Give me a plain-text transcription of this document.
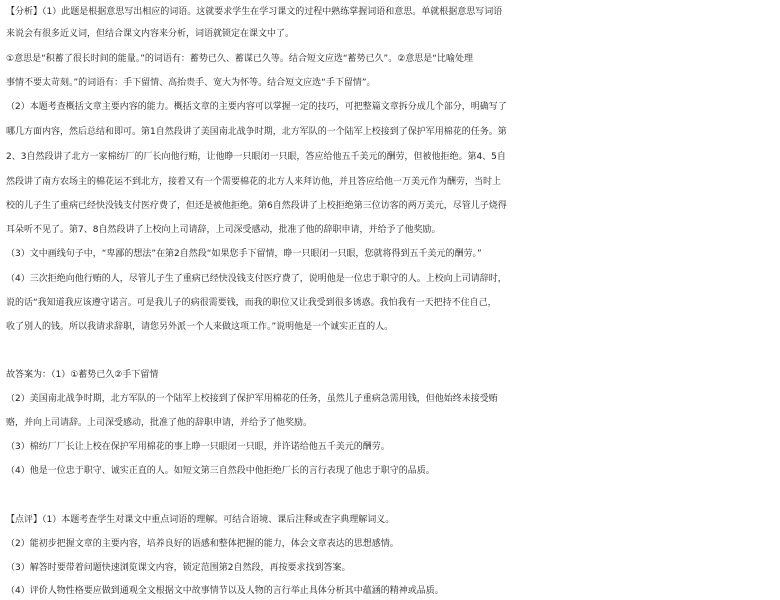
【分析】（1）此题是根据意思写出相应的词语。这就要求学生在学习课文的过程中熟练掌握词语和意思。单就根据意思写词语
来说会有很多近义词，但结合课文内容来分析，词语就锁定在课文中了。
①意思是“积蓄了很长时间的能量。”的词语有：蓄势已久、蓄谋已久等。结合短文应选“蓄势已久”。②意思是“比喻处理
事情不要太苛刻。”的词语有：手下留情、高抬贵手、宽大为怀等。结合短文应选“手下留情”。
（2）本题考查概括文章主要内容的能力。概括文章的主要内容可以掌握一定的技巧，可把整篇文章拆分成几个部分，明确写了
哪几方面内容，然后总结和即可。第1自然段讲了美国南北战争时期，北方军队的一个陆军上校接到了保护军用棉花的任务。第
2、3自然段讲了北方一家棉纺厂的厂长向他行贿，让他睁一只眼闭一只眼，答应给他五千美元的酬劳，但被他拒绝。第4、5自
然段讲了南方农场主的棉花运不到北方，接着又有一个需要棉花的北方人来拜访他，并且答应给他一万美元作为酬劳，当时上
校的儿子生了重病已经快没钱支付医疗费了，但还是被他拒绝。第6自然段讲了上校拒绝第三位访客的两万美元，尽管儿子烧得
耳朵听不见了。第7、8自然段讲了上校向上司请辞，上司深受感动，批准了他的辞职申请，并给予了他奖励。
（3）文中画线句子中，“卑鄙的想法”在第2自然段“如果您手下留情，睁一只眼闭一只眼，您就将得到五千美元的酬劳。”
（4）三次拒绝向他行贿的人，尽管儿子生了重病已经快没钱支付医疗费了，说明他是一位忠于职守的人。上校向上司请辞时，
说的话“我知道我应该遵守诺言。可是我儿子的病很需要钱，而我的职位又让我受到很多诱惑。我怕我有一天把持不住自己，
收了别人的钱。所以我请求辞职，请您另外派一个人来做这项工作。”说明他是一个诚实正直的人。
故答案为：（1）①蓄势已久②手下留情
（2）美国南北战争时期，北方军队的一个陆军上校接到了保护军用棉花的任务，虽然儿子重病急需用钱，但他始终未接受贿
赂，并向上司请辞。上司深受感动，批准了他的辞职申请，并给予了他奖励。
（3）棉纺厂厂长让上校在保护军用棉花的事上睁一只眼闭一只眼，并许诺给他五千美元的酬劳。
（4）他是一位忠于职守、诚实正直的人。如短文第三自然段中他拒绝厂长的言行表现了他忠于职守的品质。
【点评】（1）本题考查学生对课文中重点词语的理解。可结合语境、课后注释或查字典理解词义。
（2）能初步把握文章的主要内容，培养良好的语感和整体把握的能力，体会文章表达的思想感情。
（3）解答时要带着问题快速浏览课文内容，锁定范围第2自然段，再按要求找到答案。
（4）评价人物性格要应做到通观全文根据文中故事情节以及人物的言行举止具体分析其中蕴涵的精神或品质。
